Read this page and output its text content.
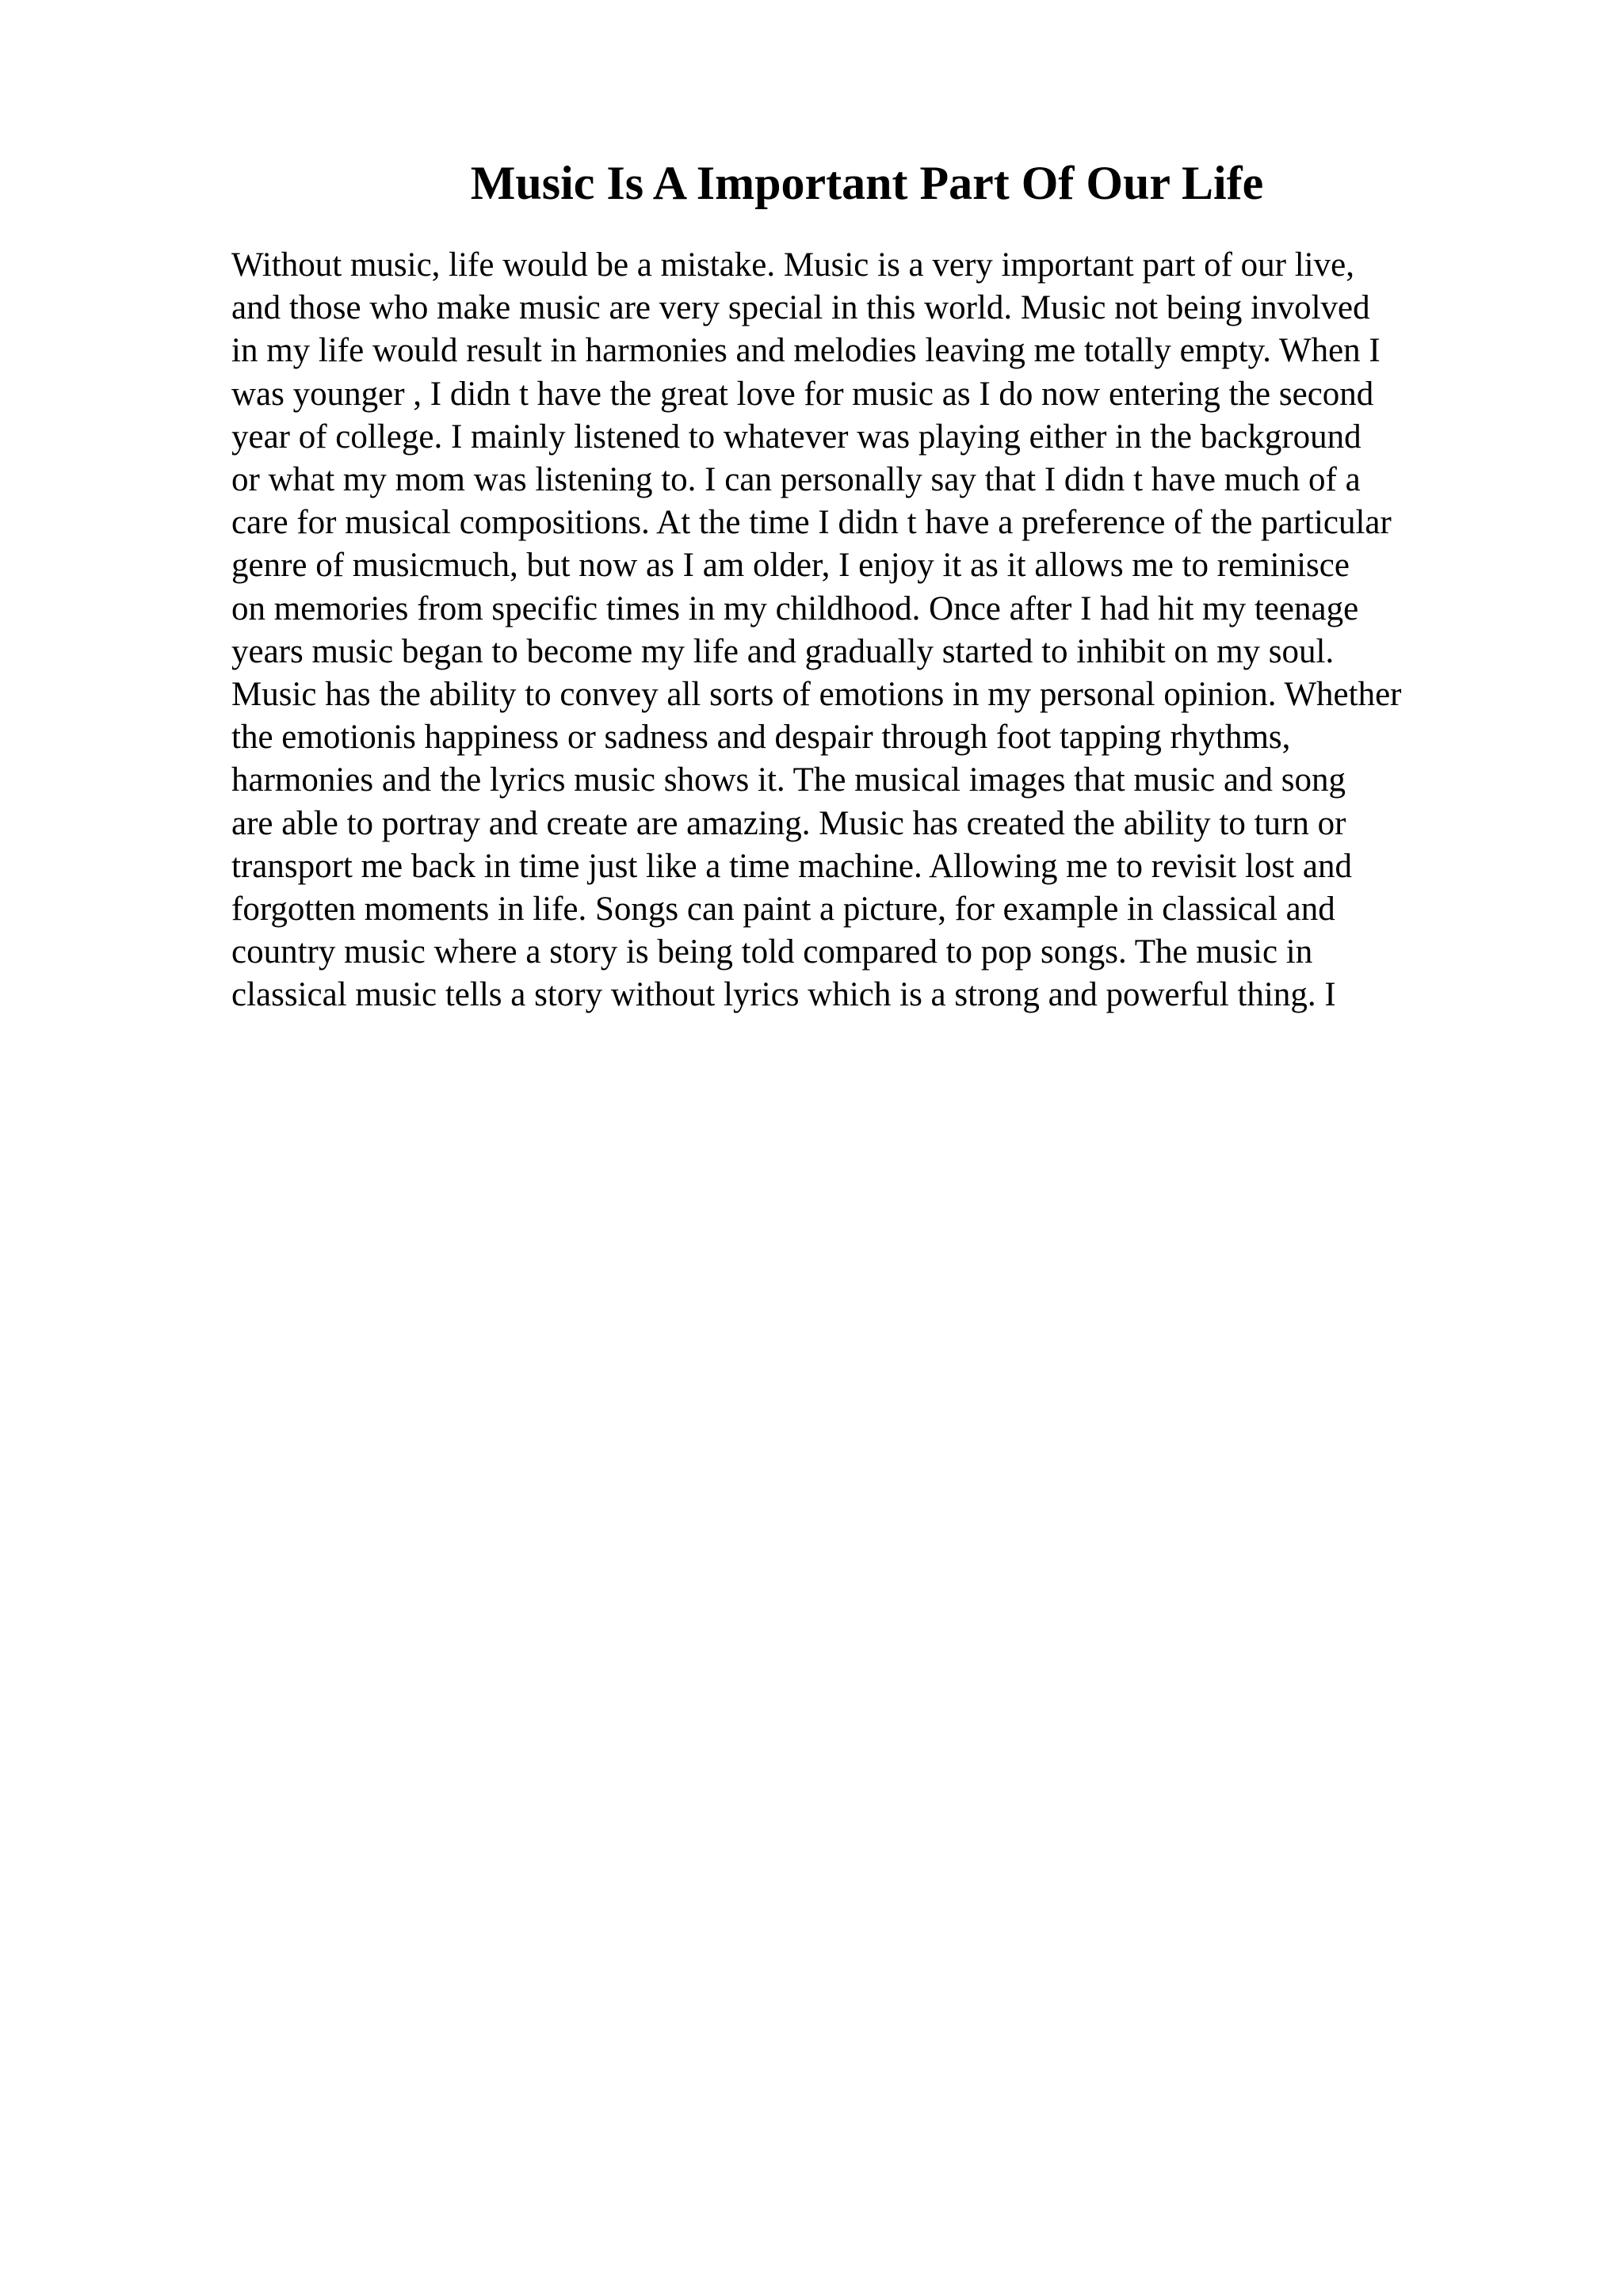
Music Is A Important Part Of Our Life
Without music, life would be a mistake. Music is a very important part of our live,
and those who make music are very special in this world. Music not being involved
in my life would result in harmonies and melodies leaving me totally empty. When I
was younger , I didn t have the great love for music as I do now entering the second
year of college. I mainly listened to whatever was playing either in the background
or what my mom was listening to. I can personally say that I didn t have much of a
care for musical compositions. At the time I didn t have a preference of the particular
genre of musicmuch, but now as I am older, I enjoy it as it allows me to reminisce
on memories from specific times in my childhood. Once after I had hit my teenage
years music began to become my life and gradually started to inhibit on my soul.
Music has the ability to convey all sorts of emotions in my personal opinion. Whether
the emotionis happiness or sadness and despair through foot tapping rhythms,
harmonies and the lyrics music shows it. The musical images that music and song
are able to portray and create are amazing. Music has created the ability to turn or
transport me back in time just like a time machine. Allowing me to revisit lost and
forgotten moments in life. Songs can paint a picture, for example in classical and
country music where a story is being told compared to pop songs. The music in
classical music tells a story without lyrics which is a strong and powerful thing. I
